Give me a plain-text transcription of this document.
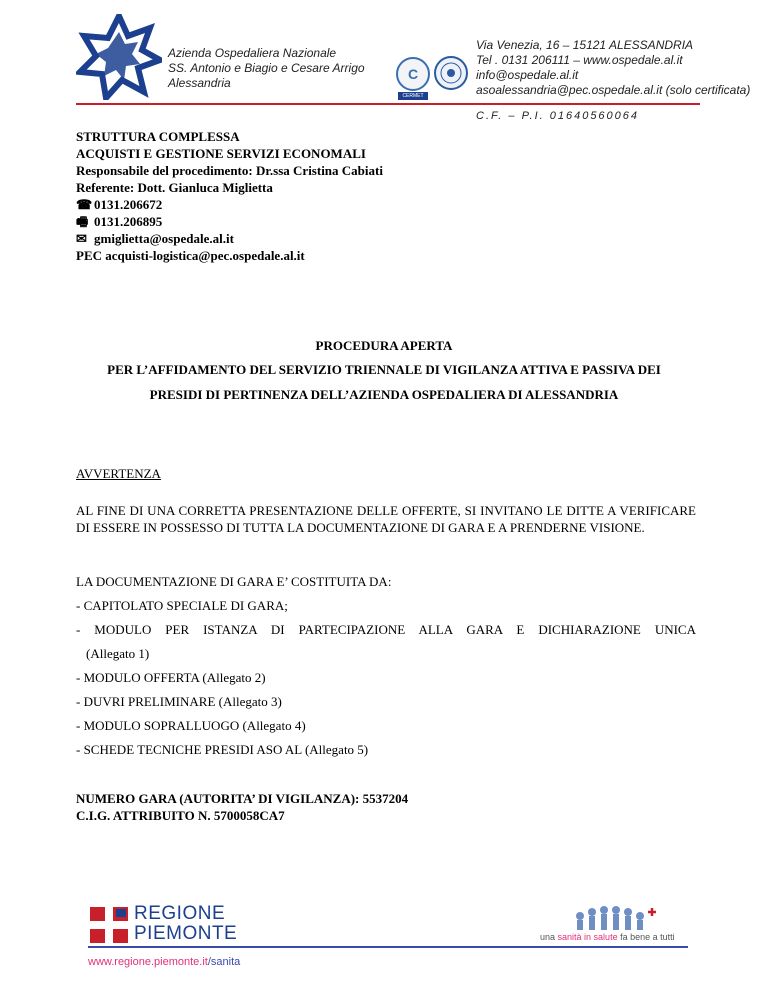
Azienda Ospedaliera Nazionale
SS. Antonio e Biagio e Cesare Arrigo
Alessandria
C
CERMET
Via Venezia, 16 – 15121 ALESSANDRIA
Tel . 0131 206111 – www.ospedale.al.it
info@ospedale.al.it
asoalessandria@pec.ospedale.al.it (solo certificata)
C.F. – P.I. 01640560064
STRUTTURA COMPLESSA
ACQUISTI E GESTIONE SERVIZI ECONOMALI
Responsabile del procedimento: Dr.ssa Cristina Cabiati
Referente: Dott. Gianluca Miglietta
☎ 0131.206672
🖷 0131.206895
✉ gmiglietta@ospedale.al.it
PEC acquisti-logistica@pec.ospedale.al.it
PROCEDURA APERTA
PER L’AFFIDAMENTO DEL SERVIZIO TRIENNALE DI VIGILANZA ATTIVA E PASSIVA DEI
PRESIDI DI PERTINENZA DELL’AZIENDA OSPEDALIERA DI ALESSANDRIA
AVVERTENZA
AL FINE DI UNA CORRETTA PRESENTAZIONE DELLE OFFERTE, SI INVITANO LE DITTE A VERIFICARE DI ESSERE IN POSSESSO DI TUTTA LA DOCUMENTAZIONE DI GARA E A PRENDERNE VISIONE.
LA DOCUMENTAZIONE DI GARA E’ COSTITUITA DA:
- CAPITOLATO SPECIALE DI GARA;
- MODULO PER ISTANZA DI PARTECIPAZIONE ALLA GARA E DICHIARAZIONE UNICA
(Allegato 1)
- MODULO OFFERTA (Allegato 2)
- DUVRI PRELIMINARE (Allegato 3)
- MODULO SOPRALLUOGO (Allegato 4)
- SCHEDE TECNICHE PRESIDI ASO AL (Allegato 5)
NUMERO GARA (AUTORITA’ DI VIGILANZA): 5537204
C.I.G. ATTRIBUITO N. 5700058CA7
REGIONE
PIEMONTE	una sanità in salute fa bene a tutti
www.regione.piemonte.it/sanita
